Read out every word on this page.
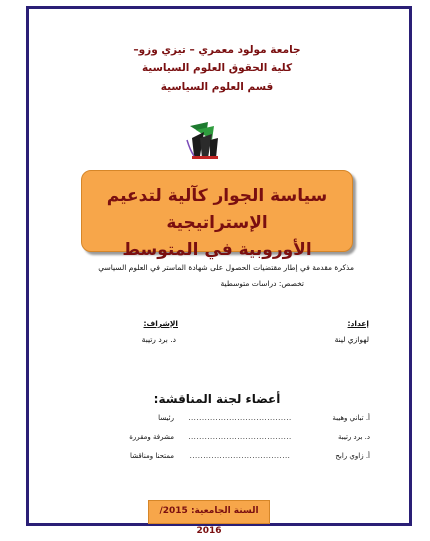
جامعة مولود معمري – تيزي وزو–
كلية الحقوق العلوم السياسية
قسم العلوم السياسية
سياسة الجوار كآلية لتدعيم الإستراتيجية
الأوروبية في المتوسط
مذكرة مقدمة في إطار مقتضيات الحصول على شهادة الماستر في العلوم السياسي
تخصص: دراسات متوسطية
إعداد:
لهوازي لينة
الإشراف:
د. برد رتيبة
أعضاء لجنة المناقشة:
أ. تباني وهيبة
......................................
رئيسا
د. برد رتيبة
......................................
مشرفة ومقررة
أ. زاوي رابح
.....................................
ممتحنا ومناقشا
السنة الجامعية: 2015/ 2016
